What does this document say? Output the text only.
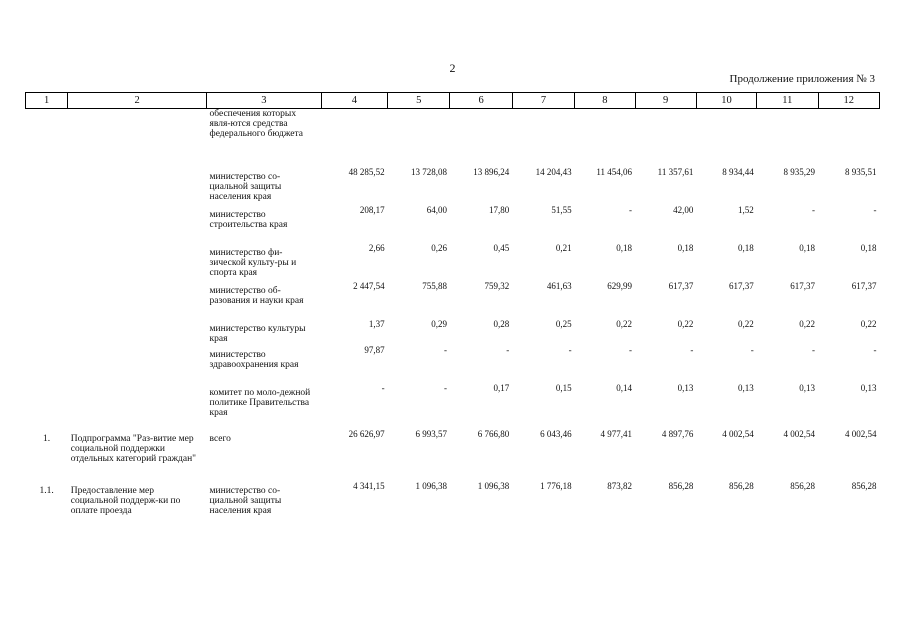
2
Продолжение приложения № 3
1	2	3	4	5	6	7	8	9	10	11	12
		обеспечения которых явля-ются средства федерального бюджета									
		министерство со-циальной защиты населения края	48 285,52	13 728,08	13 896,24	14 204,43	11 454,06	11 357,61	8 934,44	8 935,29	8 935,51
		министерство строительства края	208,17	64,00	17,80	51,55	-	42,00	1,52	-	-
		министерство фи-зической культу-ры и спорта края	2,66	0,26	0,45	0,21	0,18	0,18	0,18	0,18	0,18
		министерство об-разования и науки края	2 447,54	755,88	759,32	461,63	629,99	617,37	617,37	617,37	617,37
		министерство культуры края	1,37	0,29	0,28	0,25	0,22	0,22	0,22	0,22	0,22
		министерство здравоохранения края	97,87	-	-	-	-	-	-	-	-
		комитет по моло-дежной политике Правительства края	-	-	0,17	0,15	0,14	0,13	0,13	0,13	0,13
1.	Подпрограмма "Раз-витие мер социальной поддержки отдельных категорий граждан"	всего	26 626,97	6 993,57	6 766,80	6 043,46	4 977,41	4 897,76	4 002,54	4 002,54	4 002,54
1.1.	Предоставление мер социальной поддерж-ки по оплате проезда	министерство со-циальной защиты населения края	4 341,15	1 096,38	1 096,38	1 776,18	873,82	856,28	856,28	856,28	856,28
